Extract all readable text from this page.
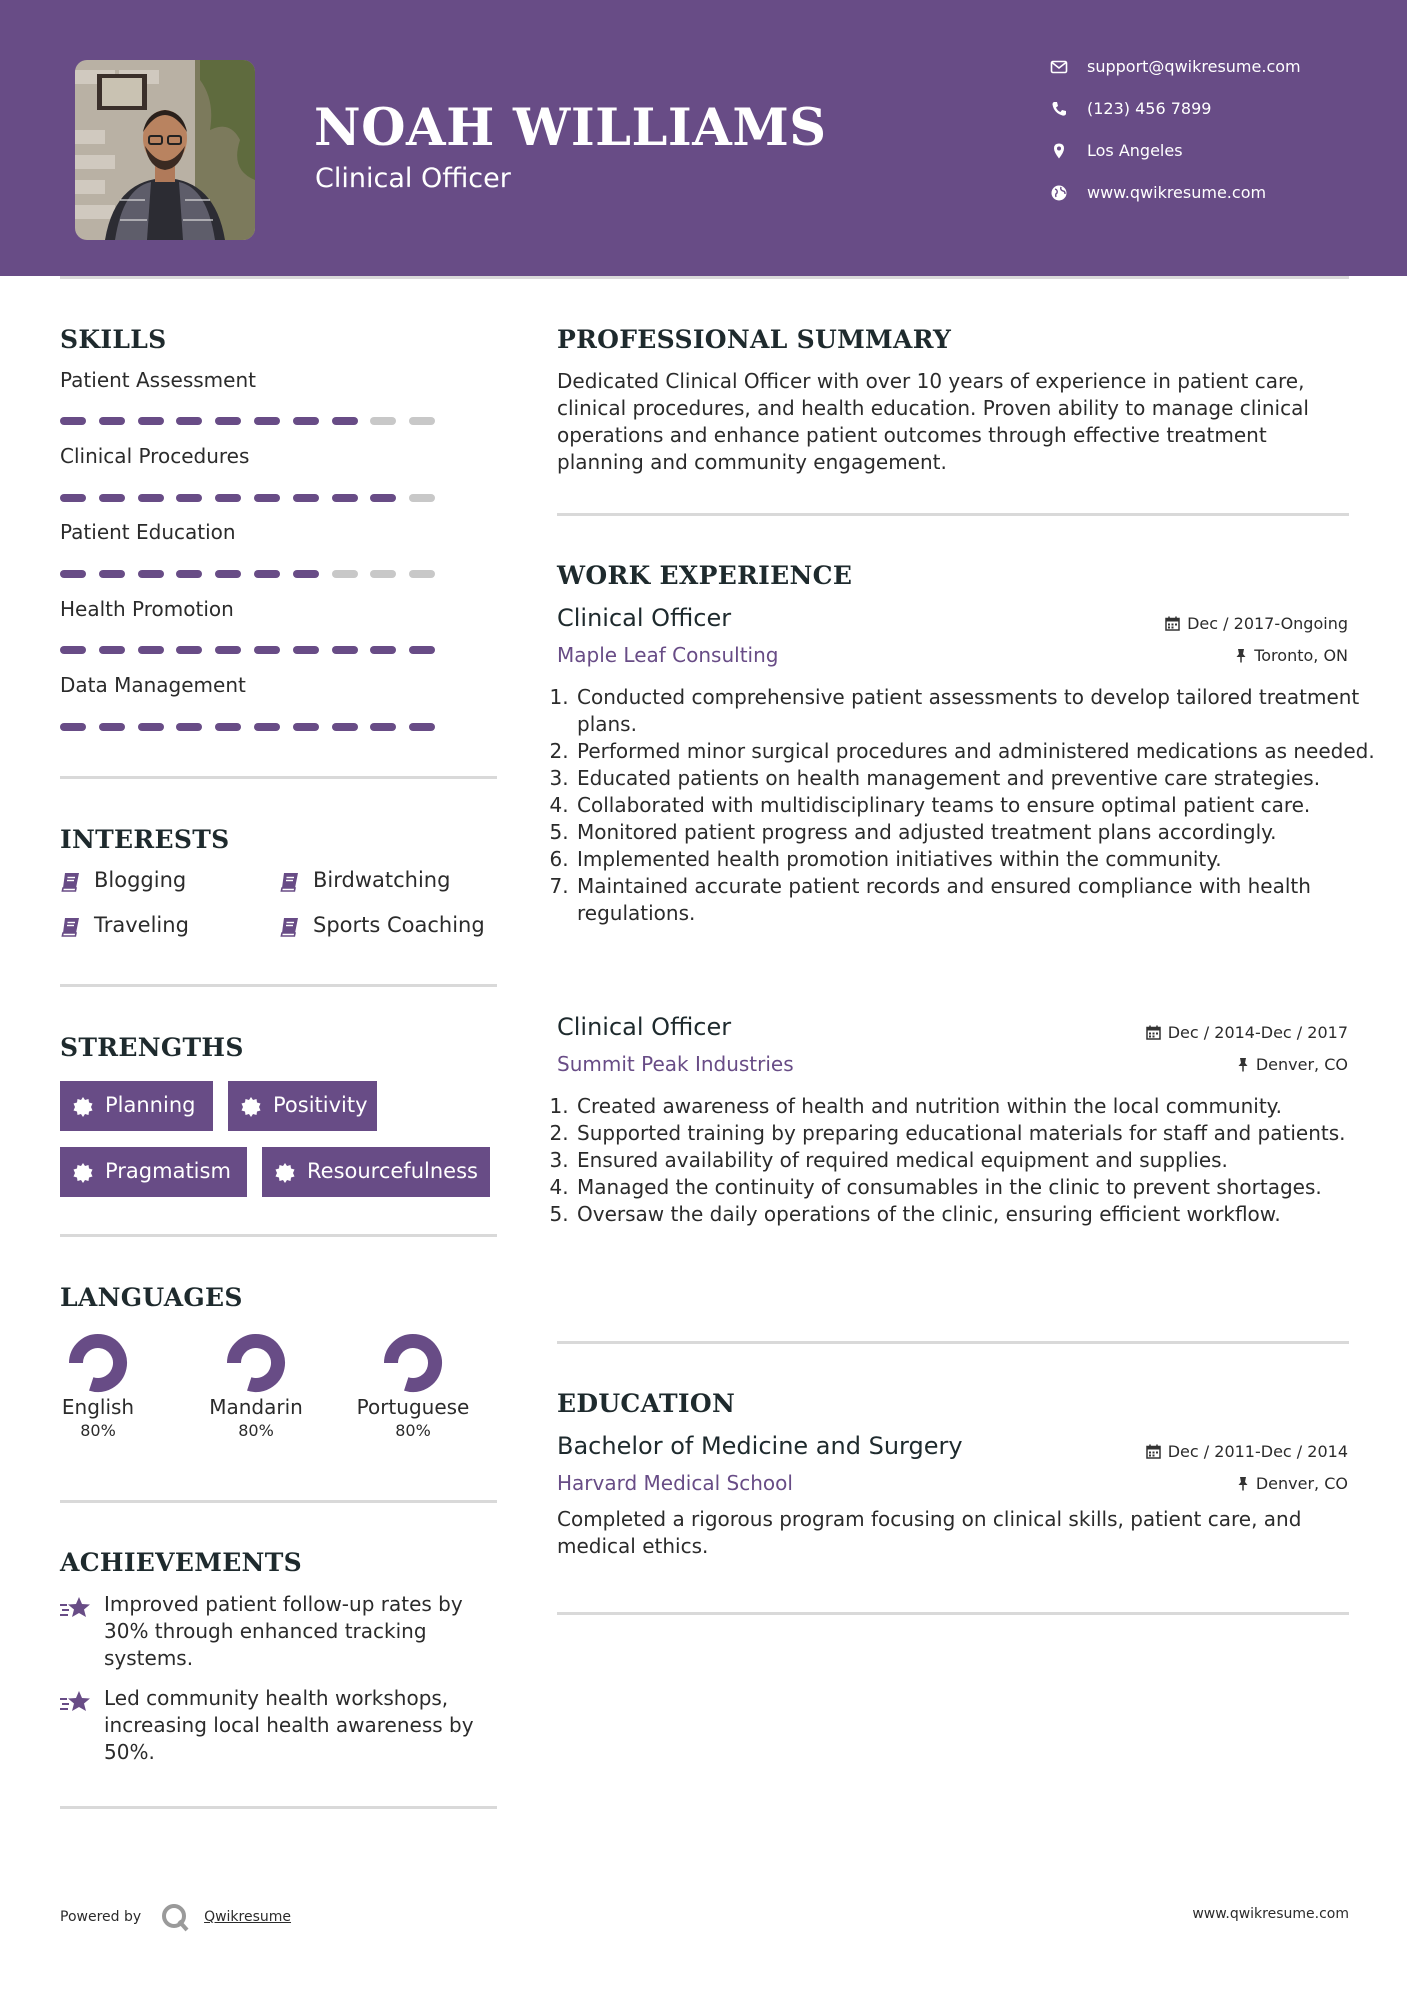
NOAH WILLIAMS
Clinical Officer
support@qwikresume.com
(123) 456 7899
Los Angeles
www.qwikresume.com
SKILLS
Patient Assessment
Clinical Procedures
Patient Education
Health Promotion
Data Management
INTERESTS
Blogging	Birdwatching
Traveling	Sports Coaching
STRENGTHS
Planning	Positivity
Pragmatism	Resourcefulness
LANGUAGES
English
80%
Mandarin
80%
Portuguese
80%
ACHIEVEMENTS

Improved patient follow-up rates by 30% through enhanced tracking systems.

Led community health workshops, increasing local health awareness by 50%.

PROFESSIONAL SUMMARY

Dedicated Clinical Officer with over 10 years of experience in patient care, clinical procedures, and health education. Proven ability to manage clinical operations and enhance patient outcomes through effective treatment planning and community engagement.

WORK EXPERIENCE
Clinical Officer	Dec / 2017-Ongoing
Maple Leaf Consulting	Toronto, ON
1. Conducted comprehensive patient assessments to develop tailored treatment plans.
2. Performed minor surgical procedures and administered medications as needed.
3. Educated patients on health management and preventive care strategies.
4. Collaborated with multidisciplinary teams to ensure optimal patient care.
5. Monitored patient progress and adjusted treatment plans accordingly.
6. Implemented health promotion initiatives within the community.
7. Maintained accurate patient records and ensured compliance with health regulations.
Clinical Officer	Dec / 2014-Dec / 2017
Summit Peak Industries	Denver, CO
1. Created awareness of health and nutrition within the local community.
2. Supported training by preparing educational materials for staff and patients.
3. Ensured availability of required medical equipment and supplies.
4. Managed the continuity of consumables in the clinic to prevent shortages.
5. Oversaw the daily operations of the clinic, ensuring efficient workflow.
EDUCATION
Bachelor of Medicine and Surgery	Dec / 2011-Dec / 2014
Harvard Medical School	Denver, CO

Completed a rigorous program focusing on clinical skills, patient care, and medical ethics.

Powered by	Qwikresume	www.qwikresume.com
